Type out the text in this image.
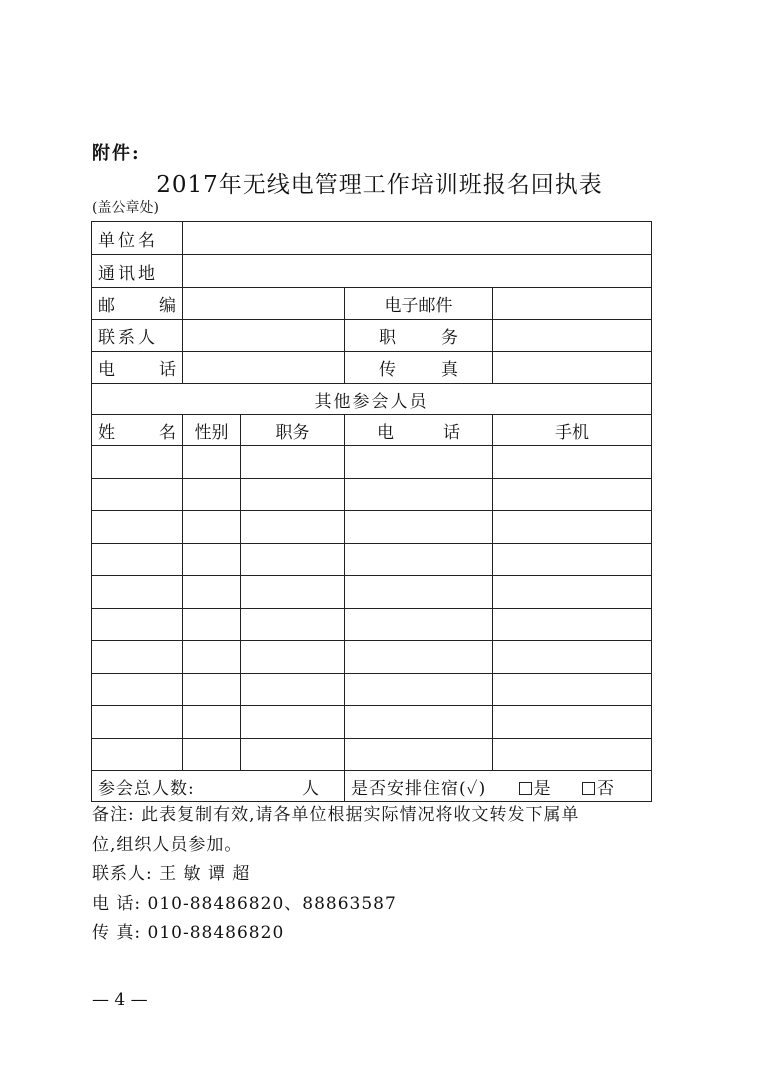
附件:
2017年无线电管理工作培训班报名回执表
(盖公章处)
单位名				
通讯地				
邮 编			电子邮件	
联系人			职 务	
电 话			传 真	
其他参会人员				
姓 名	性别	职务	电 话	手机

参会总人数: 人			是否安排住宿(✓) 是 否	
备注: 此表复制有效,请各单位根据实际情况将收文转发下属单
位,组织人员参加。
联系人: 王 敏 谭 超
电 话: 010-88486820、88863587
传 真: 010-88486820
— 4 —
